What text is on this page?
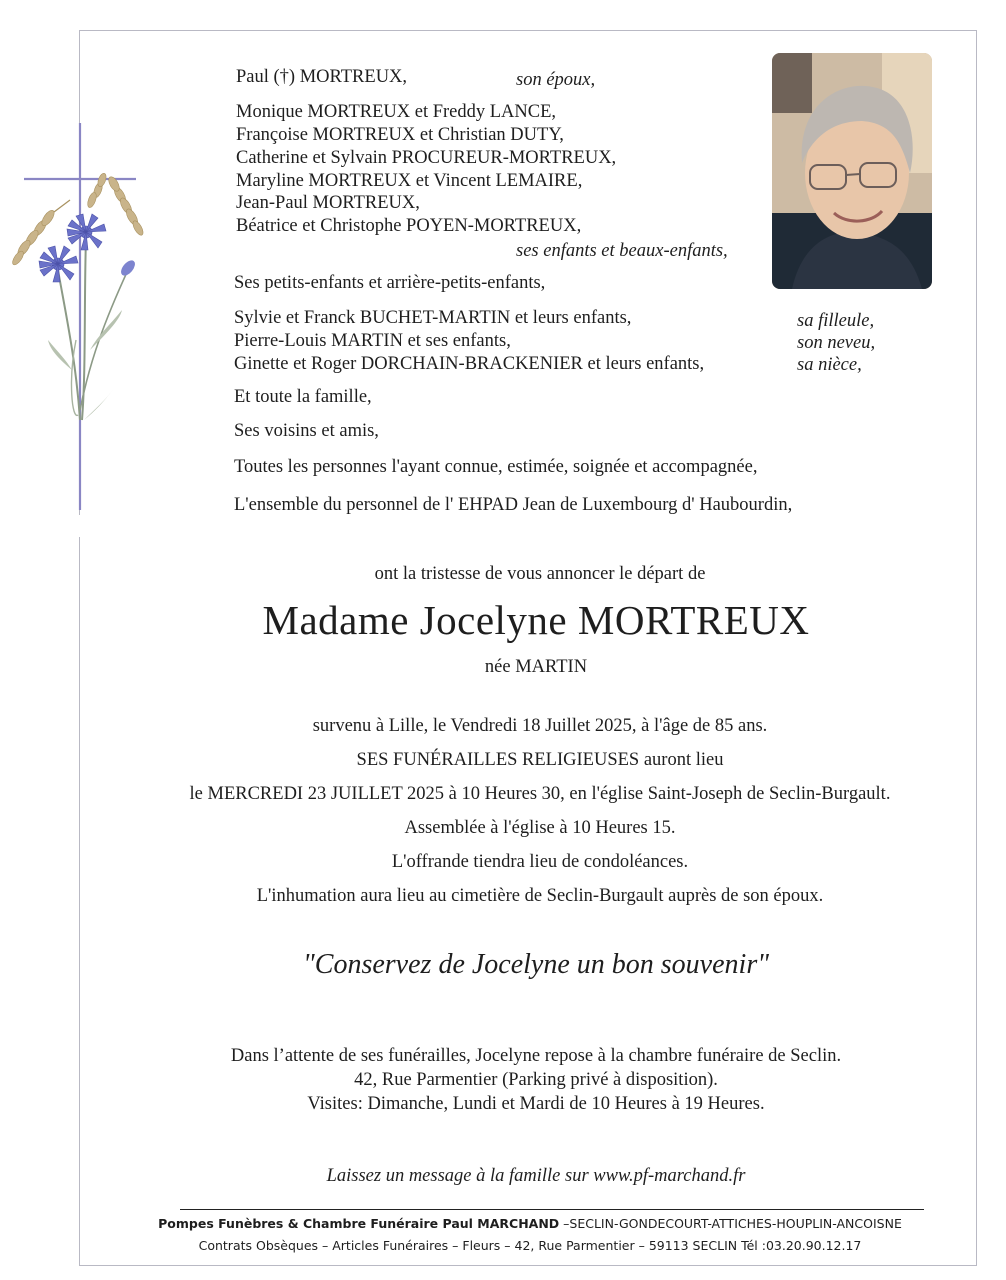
Paul (†) MORTREUX,	son époux,
Monique MORTREUX et Freddy LANCE,
Françoise MORTREUX et Christian DUTY,
Catherine et Sylvain PROCUREUR-MORTREUX,
Maryline MORTREUX et Vincent LEMAIRE,
Jean-Paul MORTREUX,
Béatrice et Christophe POYEN-MORTREUX,
ses enfants et beaux-enfants,
Ses petits-enfants et arrière-petits-enfants,
Sylvie et Franck BUCHET-MARTIN et leurs enfants,	sa filleule,
Pierre-Louis MARTIN et ses enfants,	son neveu,
Ginette et Roger DORCHAIN-BRACKENIER et leurs enfants,	sa nièce,
Et toute la famille,
Ses voisins et amis,
Toutes les personnes l'ayant connue, estimée, soignée et accompagnée,
L'ensemble du personnel de l' EHPAD Jean de Luxembourg d' Haubourdin,
ont la tristesse de vous annoncer le départ de
Madame Jocelyne MORTREUX
née MARTIN
survenu à Lille, le Vendredi 18 Juillet 2025, à l'âge de 85 ans.
SES FUNÉRAILLES RELIGIEUSES auront lieu
le MERCREDI 23 JUILLET 2025 à 10 Heures 30, en l'église Saint-Joseph de Seclin-Burgault.
Assemblée à l'église à 10 Heures 15.
L'offrande tiendra lieu de condoléances.
L'inhumation aura lieu au cimetière de Seclin-Burgault auprès de son époux.
"Conservez de Jocelyne un bon souvenir"
Dans l’attente de ses funérailles, Jocelyne repose à la chambre funéraire de Seclin.
42, Rue Parmentier (Parking privé à disposition).
Visites: Dimanche, Lundi et Mardi de 10 Heures à 19 Heures.
Laissez un message à la famille sur www.pf-marchand.fr
Pompes Funèbres & Chambre Funéraire Paul MARCHAND –SECLIN-GONDECOURT-ATTICHES-HOUPLIN-ANCOISNE
Contrats Obsèques – Articles Funéraires – Fleurs – 42, Rue Parmentier – 59113 SECLIN Tél :03.20.90.12.17
